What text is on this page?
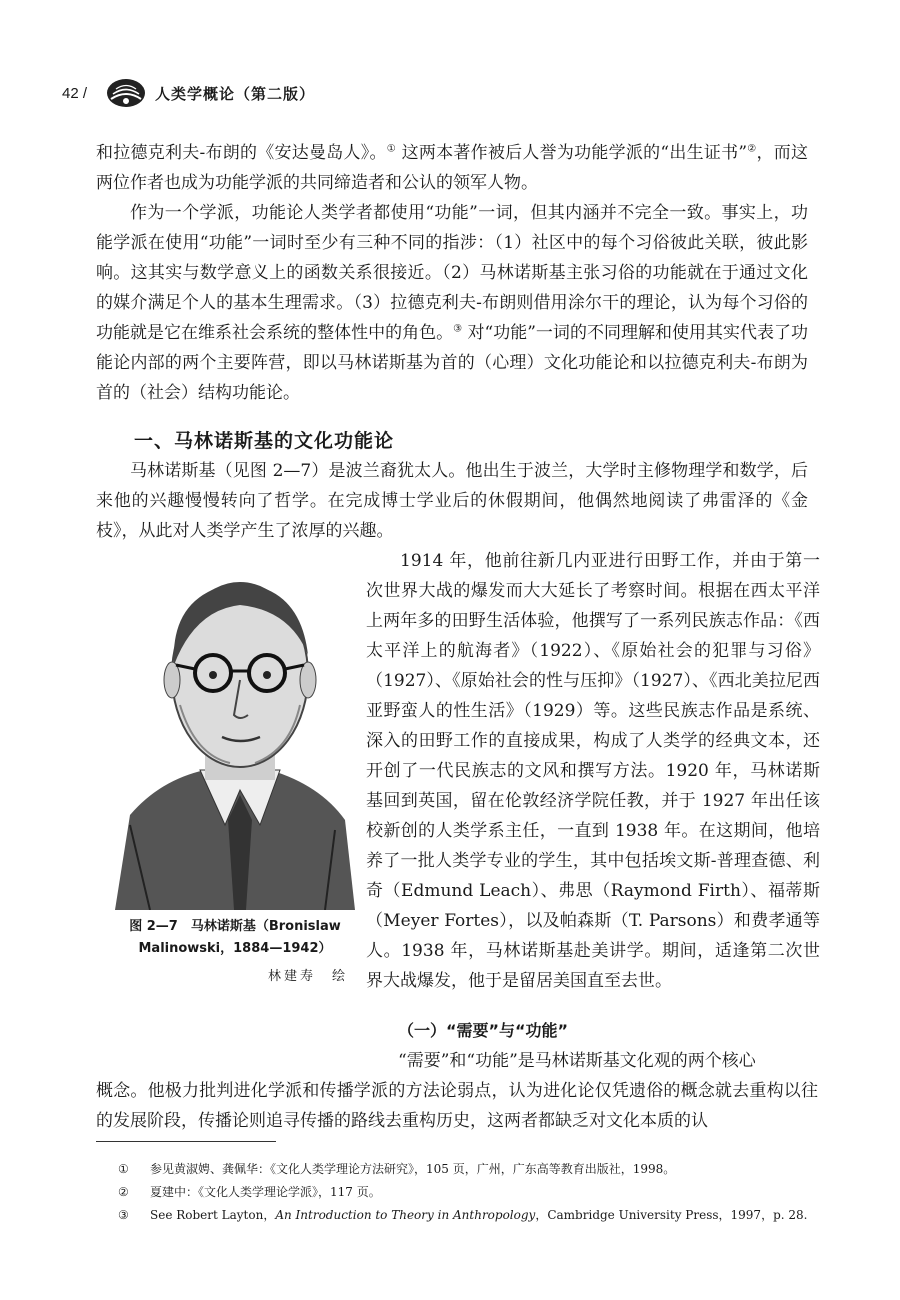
42 /	人类学概论（第二版）

和拉德克利夫-布朗的《安达曼岛人》。① 这两本著作被后人誉为功能学派的“出生证书”②，而这两位作者也成为功能学派的共同缔造者和公认的领军人物。

作为一个学派，功能论人类学者都使用“功能”一词，但其内涵并不完全一致。事实上，功能学派在使用“功能”一词时至少有三种不同的指涉：（1）社区中的每个习俗彼此关联，彼此影响。这其实与数学意义上的函数关系很接近。（2）马林诺斯基主张习俗的功能就在于通过文化的媒介满足个人的基本生理需求。（3）拉德克利夫-布朗则借用涂尔干的理论，认为每个习俗的功能就是它在维系社会系统的整体性中的角色。③ 对“功能”一词的不同理解和使用其实代表了功能论内部的两个主要阵营，即以马林诺斯基为首的（心理）文化功能论和以拉德克利夫-布朗为首的（社会）结构功能论。

一、马林诺斯基的文化功能论

马林诺斯基（见图 2—7）是波兰裔犹太人。他出生于波兰，大学时主修物理学和数学，后来他的兴趣慢慢转向了哲学。在完成博士学业后的休假期间，他偶然地阅读了弗雷泽的《金枝》，从此对人类学产生了浓厚的兴趣。

图 2—7　马林诺斯基（Bronislaw
Malinowski，1884—1942）
林建寿　绘

1914 年，他前往新几内亚进行田野工作，并由于第一次世界大战的爆发而大大延长了考察时间。根据在西太平洋上两年多的田野生活体验，他撰写了一系列民族志作品：《西太平洋上的航海者》（1922）、《原始社会的犯罪与习俗》（1927）、《原始社会的性与压抑》（1927）、《西北美拉尼西亚野蛮人的性生活》（1929）等。这些民族志作品是系统、深入的田野工作的直接成果，构成了人类学的经典文本，还开创了一代民族志的文风和撰写方法。1920 年，马林诺斯基回到英国，留在伦敦经济学院任教，并于 1927 年出任该校新创的人类学系主任，一直到 1938 年。在这期间，他培养了一批人类学专业的学生，其中包括埃文斯-普理查德、利奇（Edmund Leach）、弗思（Raymond Firth）、福蒂斯（Meyer Fortes），以及帕森斯（T. Parsons）和费孝通等人。1938 年，马林诺斯基赴美讲学。期间，适逢第二次世界大战爆发，他于是留居美国直至去世。

（一）“需要”与“功能”

“需要”和“功能”是马林诺斯基文化观的两个核心

概念。他极力批判进化学派和传播学派的方法论弱点，认为进化论仅凭遗俗的概念就去重构以往的发展阶段，传播论则追寻传播的路线去重构历史，这两者都缺乏对文化本质的认

①	参见黄淑娉、龚佩华：《文化人类学理论方法研究》，105 页，广州，广东高等教育出版社，1998。
②	夏建中：《文化人类学理论学派》，117 页。
③	See Robert Layton，An Introduction to Theory in Anthropology，Cambridge University Press，1997，p. 28.
